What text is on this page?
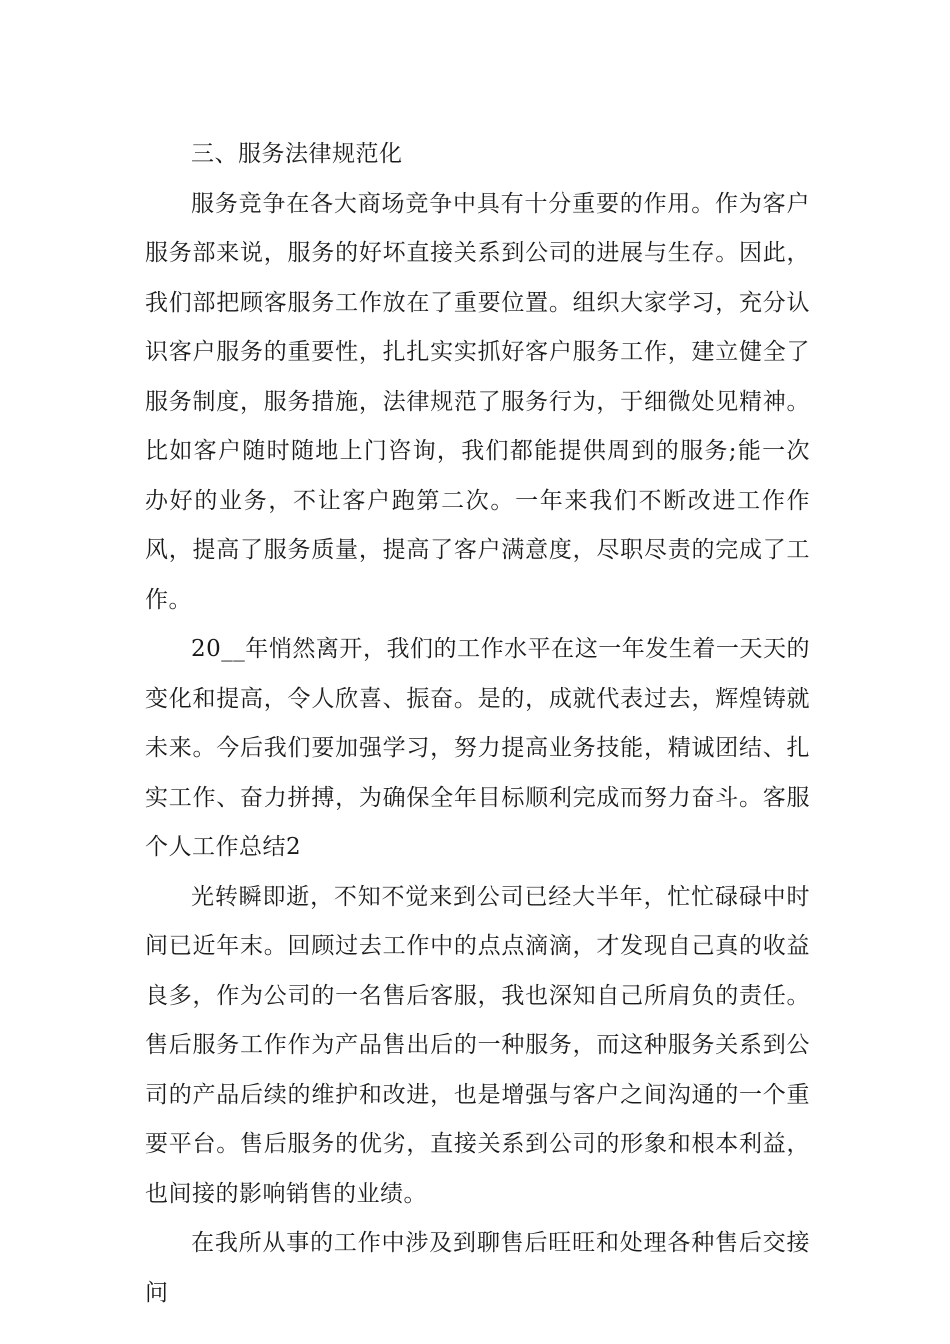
三、服务法律规范化

服务竞争在各大商场竞争中具有十分重要的作用。作为客户服务部来说，服务的好坏直接关系到公司的进展与生存。因此，我们部把顾客服务工作放在了重要位置。组织大家学习，充分认识客户服务的重要性，扎扎实实抓好客户服务工作，建立健全了服务制度，服务措施，法律规范了服务行为，于细微处见精神。比如客户随时随地上门咨询，我们都能提供周到的服务;能一次办好的业务，不让客户跑第二次。一年来我们不断改进工作作风，提高了服务质量，提高了客户满意度，尽职尽责的完成了工作。

20__年悄然离开，我们的工作水平在这一年发生着一天天的变化和提高，令人欣喜、振奋。是的，成就代表过去，辉煌铸就未来。今后我们要加强学习，努力提高业务技能，精诚团结、扎实工作、奋力拼搏，为确保全年目标顺利完成而努力奋斗。客服个人工作总结2

光转瞬即逝，不知不觉来到公司已经大半年，忙忙碌碌中时间已近年末。回顾过去工作中的点点滴滴，才发现自己真的收益良多，作为公司的一名售后客服，我也深知自己所肩负的责任。售后服务工作作为产品售出后的一种服务，而这种服务关系到公司的产品后续的维护和改进，也是增强与客户之间沟通的一个重要平台。售后服务的优劣，直接关系到公司的形象和根本利益，也间接的影响销售的业绩。

在我所从事的工作中涉及到聊售后旺旺和处理各种售后交接问
